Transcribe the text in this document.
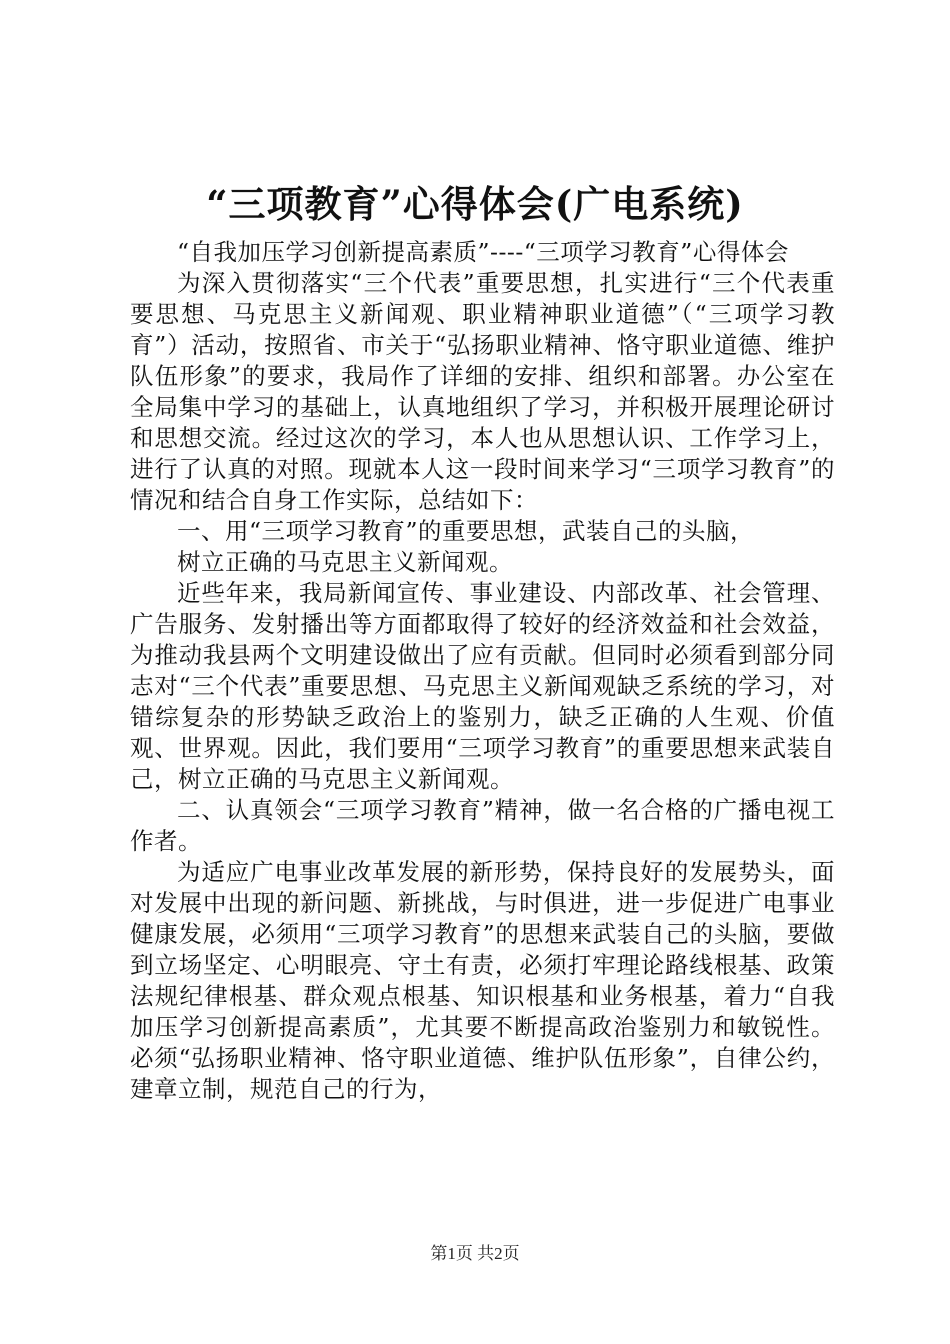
“三项教育”心得体会(广电系统)

“自我加压学习创新提高素质”----“三项学习教育”心得体会

为深入贯彻落实“三个代表”重要思想，扎实进行“三个代表重要思想、马克思主义新闻观、职业精神职业道德”（“三项学习教育”）活动，按照省、市关于“弘扬职业精神、恪守职业道德、维护队伍形象”的要求，我局作了详细的安排、组织和部署。办公室在全局集中学习的基础上，认真地组织了学习，并积极开展理论研讨和思想交流。经过这次的学习，本人也从思想认识、工作学习上，进行了认真的对照。现就本人这一段时间来学习“三项学习教育”的情况和结合自身工作实际，总结如下：

一、用“三项学习教育”的重要思想，武装自己的头脑，

树立正确的马克思主义新闻观。

近些年来，我局新闻宣传、事业建设、内部改革、社会管理、广告服务、发射播出等方面都取得了较好的经济效益和社会效益，为推动我县两个文明建设做出了应有贡献。但同时必须看到部分同志对“三个代表”重要思想、马克思主义新闻观缺乏系统的学习，对错综复杂的形势缺乏政治上的鉴别力，缺乏正确的人生观、价值观、世界观。因此，我们要用“三项学习教育”的重要思想来武装自己，树立正确的马克思主义新闻观。

二、认真领会“三项学习教育”精神，做一名合格的广播电视工作者。

为适应广电事业改革发展的新形势，保持良好的发展势头，面对发展中出现的新问题、新挑战，与时俱进，进一步促进广电事业健康发展，必须用“三项学习教育”的思想来武装自己的头脑，要做到立场坚定、心明眼亮、守土有责，必须打牢理论路线根基、政策法规纪律根基、群众观点根基、知识根基和业务根基，着力“自我加压学习创新提高素质”，尤其要不断提高政治鉴别力和敏锐性。必须“弘扬职业精神、恪守职业道德、维护队伍形象”，自律公约，建章立制，规范自己的行为，

第1页 共2页
